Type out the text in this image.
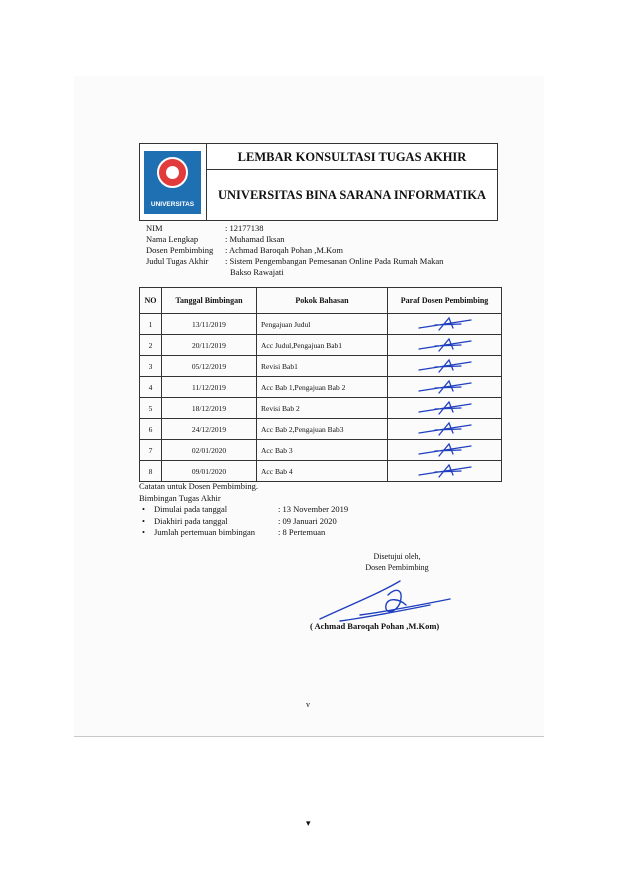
UNIVERSITAS
LEMBAR KONSULTASI TUGAS AKHIR
UNIVERSITAS BINA SARANA INFORMATIKA
NIM	: 12177138
Nama Lengkap	: Muhamad Iksan
Dosen Pembimbing	: Achmad Baroqah Pohan ,M.Kom
Judul Tugas Akhir	: Sistem Pengembangan Pemesanan Online Pada Rumah Makan
Bakso Rawajati
NO	Tanggal Bimbingan	Pokok Bahasan	Paraf Dosen Pembimbing
1	13/11/2019	Pengajuan Judul	

2	20/11/2019	Acc Judul,Pengajuan Bab1	

3	05/12/2019	Revisi Bab1	

4	11/12/2019	Acc Bab 1,Pengajuan Bab 2	

5	18/12/2019	Revisi Bab 2	

6	24/12/2019	Acc Bab 2,Pengajuan Bab3	

7	02/01/2020	Acc Bab 3	

8	09/01/2020	Acc Bab 4	
Catatan untuk Dosen Pembimbing.
Bimbingan Tugas Akhir
•	Dimulai pada tanggal	: 13 November 2019
•	Diakhiri pada tanggal	: 09 Januari 2020
•	Jumlah pertemuan bimbingan	: 8 Pertemuan
Disetujui oleh,
Dosen Pembimbing
( Achmad Baroqah Pohan ,M.Kom)
v
▾
